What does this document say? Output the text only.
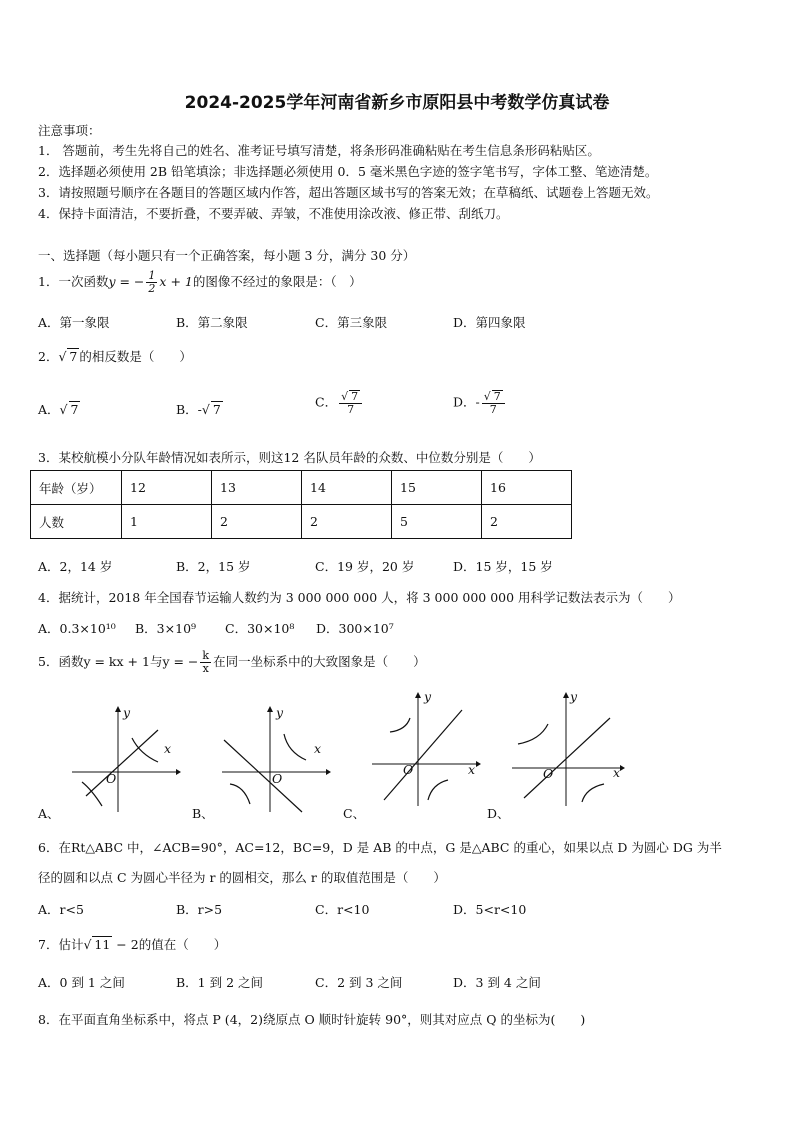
2024-2025学年河南省新乡市原阳县中考数学仿真试卷
注意事项：
1． 答题前，考生先将自己的姓名、准考证号填写清楚，将条形码准确粘贴在考生信息条形码粘贴区。
2．选择题必须使用 2B 铅笔填涂；非选择题必须使用 0．5 毫米黑色字迹的签字笔书写，字体工整、笔迹清楚。
3．请按照题号顺序在各题目的答题区域内作答，超出答题区域书写的答案无效；在草稿纸、试题卷上答题无效。
4．保持卡面清洁，不要折叠，不要弄破、弄皱，不准使用涂改液、修正带、刮纸刀。
一、选择题（每小题只有一个正确答案，每小题 3 分，满分 30 分）
1．一次函数y = − $\frac{1}{2}$ x + 1的图像不经过的象限是：（　）
A．第一象限	B．第二象限	C．第三象限	D．第四象限
2．√ 7 的相反数是（　　）
A．√ 7	B．-√ 7	C． $\frac{√ 7}{7}$	D．- $\frac{√ 7}{7}$
3．某校航模小分队年龄情况如表所示，则这12 名队员年龄的众数、中位数分别是（　　）
年龄（岁）	12	13	14	15	16
人数	1	2	2	5	2
A．2，14 岁	B．2，15 岁	C．19 岁，20 岁	D．15 岁，15 岁
4．据统计，2018 年全国春节运输人数约为 3 000 000 000 人，将 3 000 000 000 用科学记数法表示为（　　）
A．0.3×10¹⁰ B．3×10⁹ C．30×10⁸ D．300×10⁷
5．函数y = kx + 1与y = − $\frac{k}{x}$ 在同一坐标系中的大致图象是（　　）
y
x
O
A、
y
x
O
B、
y
x
O
C、
y
x
O
D、
6．在Rt△ABC 中，∠ACB=90°，AC=12，BC=9，D 是 AB 的中点，G 是△ABC 的重心，如果以点 D 为圆心 DG 为半
径的圆和以点 C 为圆心半径为 r 的圆相交，那么 r 的取值范围是（　　）
A．r<5	B．r>5	C．r<10	D．5<r<10
7．估计√ 11 − 2的值在（　　）
A．0 到 1 之间	B．1 到 2 之间	C．2 到 3 之间	D．3 到 4 之间
8．在平面直角坐标系中，将点 P (4，2)绕原点 O 顺时针旋转 90°，则其对应点 Q 的坐标为(　　)
